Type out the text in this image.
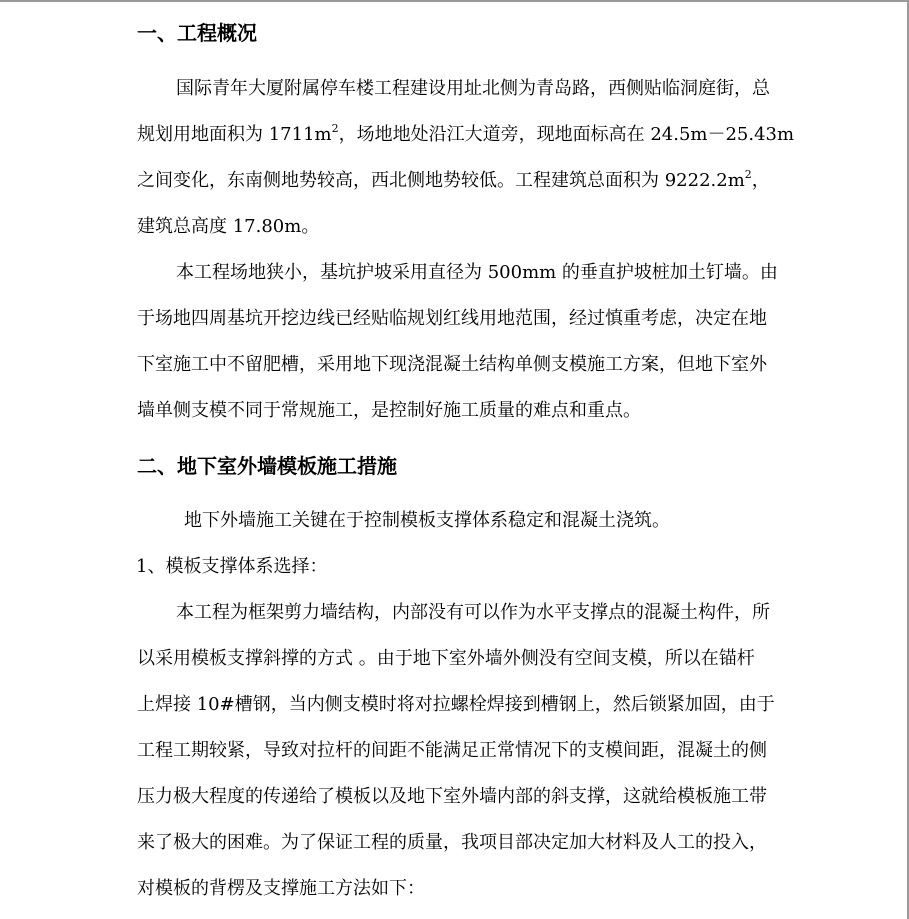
一、工程概况
国际青年大厦附属停车楼工程建设用址北侧为青岛路，西侧贴临洞庭街，总
规划用地面积为 $1711m^2$，场地地处沿江大道旁，现地面标高在 24.5m－25.43m
之间变化，东南侧地势较高，西北侧地势较低。工程建筑总面积为 $9222.2m^2$，
建筑总高度 17.80m。
本工程场地狭小，基坑护坡采用直径为 500mm 的垂直护坡桩加土钉墙。由
于场地四周基坑开挖边线已经贴临规划红线用地范围，经过慎重考虑，决定在地
下室施工中不留肥槽，采用地下现浇混凝土结构单侧支模施工方案，但地下室外
墙单侧支模不同于常规施工，是控制好施工质量的难点和重点。
二、地下室外墙模板施工措施
地下外墙施工关键在于控制模板支撑体系稳定和混凝土浇筑。
1、模板支撑体系选择：
本工程为框架剪力墙结构，内部没有可以作为水平支撑点的混凝土构件，所
以采用模板支撑斜撑的方式 。由于地下室外墙外侧没有空间支模，所以在锚杆
上焊接 10#槽钢，当内侧支模时将对拉螺栓焊接到槽钢上，然后锁紧加固，由于
工程工期较紧，导致对拉杆的间距不能满足正常情况下的支模间距，混凝土的侧
压力极大程度的传递给了模板以及地下室外墙内部的斜支撑，这就给模板施工带
来了极大的困难。为了保证工程的质量，我项目部决定加大材料及人工的投入，
对模板的背楞及支撑施工方法如下：
